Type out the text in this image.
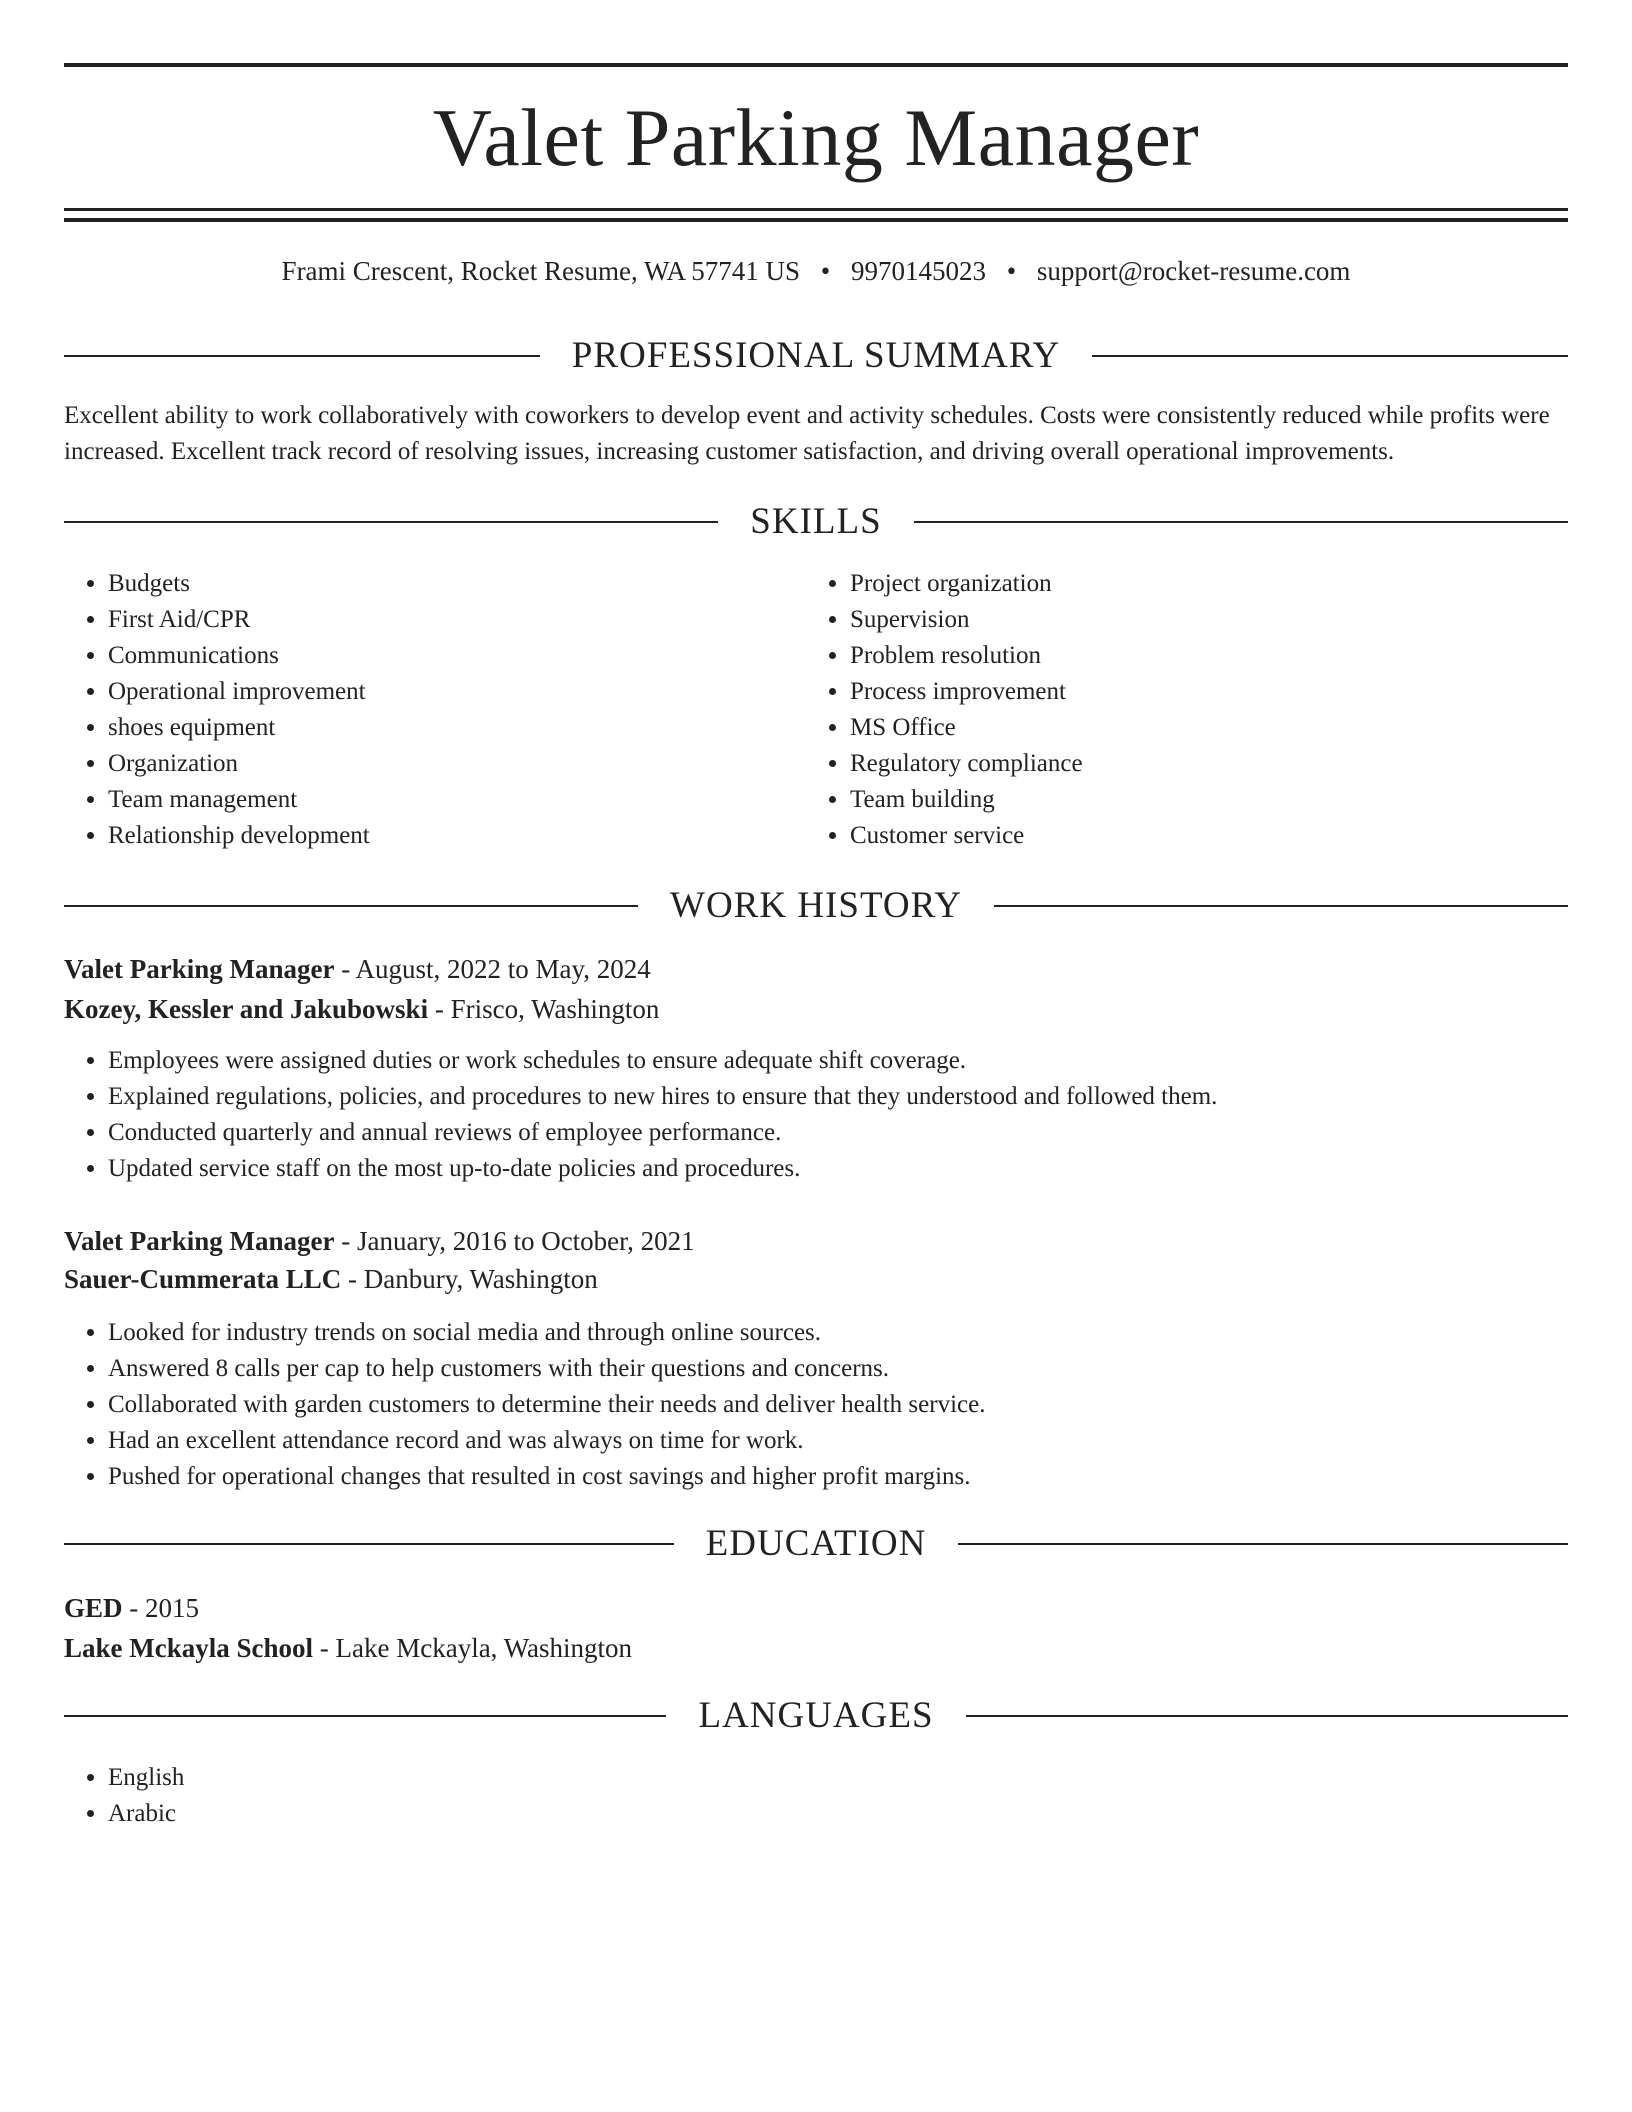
Valet Parking Manager
Frami Crescent, Rocket Resume, WA 57741 US • 9970145023 • support@rocket-resume.com
PROFESSIONAL SUMMARY

Excellent ability to work collaboratively with coworkers to develop event and activity schedules. Costs were consistently reduced while profits were increased. Excellent track record of resolving issues, increasing customer satisfaction, and driving overall operational improvements.

SKILLS
• Budgets
• First Aid/CPR
• Communications
• Operational improvement
• shoes equipment
• Organization
• Team management
• Relationship development
• Project organization
• Supervision
• Problem resolution
• Process improvement
• MS Office
• Regulatory compliance
• Team building
• Customer service
WORK HISTORY
Valet Parking Manager - August, 2022 to May, 2024
Kozey, Kessler and Jakubowski - Frisco, Washington
• Employees were assigned duties or work schedules to ensure adequate shift coverage.
• Explained regulations, policies, and procedures to new hires to ensure that they understood and followed them.
• Conducted quarterly and annual reviews of employee performance.
• Updated service staff on the most up-to-date policies and procedures.
Valet Parking Manager - January, 2016 to October, 2021
Sauer-Cummerata LLC - Danbury, Washington
• Looked for industry trends on social media and through online sources.
• Answered 8 calls per cap to help customers with their questions and concerns.
• Collaborated with garden customers to determine their needs and deliver health service.
• Had an excellent attendance record and was always on time for work.
• Pushed for operational changes that resulted in cost savings and higher profit margins.
EDUCATION
GED - 2015
Lake Mckayla School - Lake Mckayla, Washington
LANGUAGES
• English
• Arabic
